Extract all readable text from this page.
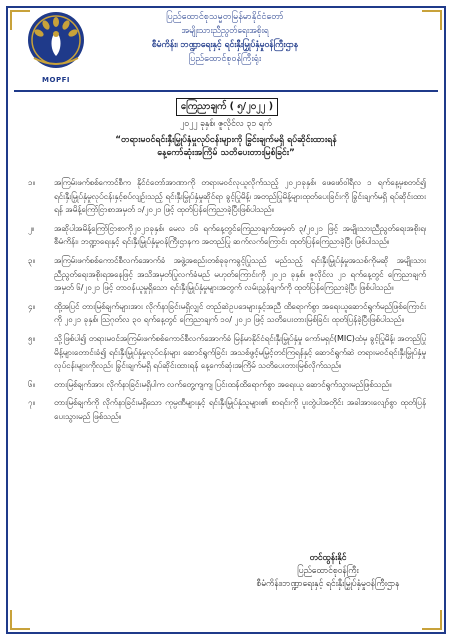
MOPFI
ပြည်ထောင်စုသမ္မတမြန်မာနိုင်ငံတော်
အမျိုးသားညီညွတ်ရေးအစိုးရ
စီမံကိန်း၊ ဘဏ္ဍာရေးနှင့် ရင်းနှီးမြှုပ်နှံမှုဝန်ကြီးဌာန
ပြည်ထောင်စုဝန်ကြီးရုံး
ကြေညာချက် ( ၅/၂၀၂၂ )
၂၀၂၂ ခုနှစ်၊ ဇူလိုင်လ ၃၁ ရက်
“တရားမဝင်ရင်းနှီးမြှုပ်နှံမှုလုပ်ငန်းများကို ခြွင်းချက်မရှိ ရပ်ဆိုင်းထားရန်
နေ့ကော်ဆုံးအကြိမ် သတိပေးတားမြစ်ခြင်း”
၁။	အကြမ်းဖက်စစ်ကောင်စီက နိုင်ငံတော်အာဏာကို တရားမဝင်လုယူလိုက်သည့် ၂၀၂၁ခုနှစ်၊ ဖေဖော်ဝါရီလ ၁ ရက်နေ့မှစတင်၍ ရင်းနှီးမြှုပ်နှံမှုလုပ်ငန်းနှင့်စပ်လျဉ်းသည့် ရင်းနှီးမြှုပ်နှံမှုဆိုင်ရာ ခွင့်ပြုမိန့်၊ အတည်ပြုမိန့်များထုတ်ပေးခြင်းကို ခြွင်းချက်မရှိ ရပ်ဆိုင်းထားရန် အမိန့်ကြော်ငြာစာအမှတ် ၁/၂၀၂၁ ဖြင့် ထုတ်ပြန်ကြေညာခဲ့ပြီးဖြစ်ပါသည်။
၂။	အဆိုပါအမိန့်ကြော်ငြာစာကို၂၀၂၁ခုနှစ်၊ မေလ ၁၆ ရက်နေ့တွင်ကြေညာချက်အမှတ် ၃/၂၀၂၁ ဖြင့် အမျိုးသားညီညွတ်ရေးအစိုးရ၊ စီမံကိန်း၊ ဘဏ္ဍာရေးနှင့် ရင်းနှီးမြှုပ်နှံမှုဝန်ကြီးဌာနက အတည်ပြု ဆက်လက်ကြောင်း ထုတ်ပြန်ကြေညာခဲ့ပြီး ဖြစ်ပါသည်။
၃။	အကြမ်းဖက်စစ်ကောင်စီလက်အောက်ခံ အဖွဲ့အစည်းတစ်ခုခုကခွင့်ပြုသည် မည်သည့် ရင်းနှီးမြှုပ်နှံမှုအသစ်ကိုမဆို အမျိုးသားညီညွတ်ရေးအစိုးရအနေဖြင့် အသိအမှတ်ပြုလက်ခံမည် မဟုတ်ကြောင်းကို ၂၀၂၁ ခုနှစ်၊ ဇူလိုင်လ ၂၁ ရက်နေ့တွင် ကြေညာချက်အမှတ် ၆/၂၀၂၁ ဖြင့် တာဝန်ယူမှုရှိသော ရင်းနှီးမြှုပ်နှံမှုများအတွက် လမ်းညွှန်ချက်ကို ထုတ်ပြန်ကြေညာခဲ့ပြီး ဖြစ်ပါသည်။
၄။	ထို့အပြင် တားမြစ်ချက်များအား လိုက်နာခြင်းမရှိလျှင် တည်ဆဲဥပဒေများနှင့်အညီ ထိရောက်စွာ အရေးယူဆောင်ရွက်မည်ဖြစ်ကြောင်းကို ၂၀၂၁ ခုနှစ်၊ ဩဂုတ်လ ၃၀ ရက်နေ့တွင် ကြေညာချက် ၁၀/ ၂၀၂၁ ဖြင့် သတိပေးတားမြစ်ခြင်း ထုတ်ပြန်ခဲ့ပြီးဖြစ်ပါသည်။
၅။	သို့ဖြစ်ပါ၍ တရားမဝင်အကြမ်းဖက်စစ်ကောင်စီလက်အောက်ခံ မြန်မာနိုင်ငံရင်းနှီးမြှုပ်နှံမှု ကော်မရှင်(MIC)ထံမှ ခွင့်ပြုမိန့်၊ အတည်ပြုမိန့်များတောင်းခံ၍ ရင်းနှီးမြှုပ်နှံမှုလုပ်ငန်းများ ဆောင်ရွက်ခြင်း အသစ်ဖွင့်မမြှင့်တင်ကြရန်နှင့် ဆောင်ရွက်ဆဲ တရားမဝင်ရင်းနှီးမြှုပ်နှံမှုလုပ်ငန်းများကိုလည်း ခြွင်းချက်မရှိ ရပ်ဆိုင်းထားရန် နေ့ကော်ဆုံးအကြိမ် သတိပေးတားမြစ်လိုက်သည်။
၆။	တားမြစ်ချက်အား လိုက်နာခြင်းမရှိပါက လက်တွေ့ကျကျ ပြင်းထန်ထိရောက်စွာ အရေးယူ ဆောင်ရွက်သွားမည်ဖြစ်သည်။
၇။	တားမြစ်ချက်ကို လိုက်နာခြင်းမရှိသော ကုမ္ပဏီများနှင့် ရင်းနှီးမြှုပ်နှံသူများ၏ စာရင်းကို ပူးတွဲပါအတိုင်း အခါအားလျော်စွာ ထုတ်ပြန်ပေးသွားမည် ဖြစ်သည်။
တင်ထွန်းနိုင်
ပြည်ထောင်စုဝန်ကြီး
စီမံကိန်း၊ဘဏ္ဍာရေးနှင့် ရင်းနှီးမြှုပ်နှံမှုဝန်ကြီးဌာန
